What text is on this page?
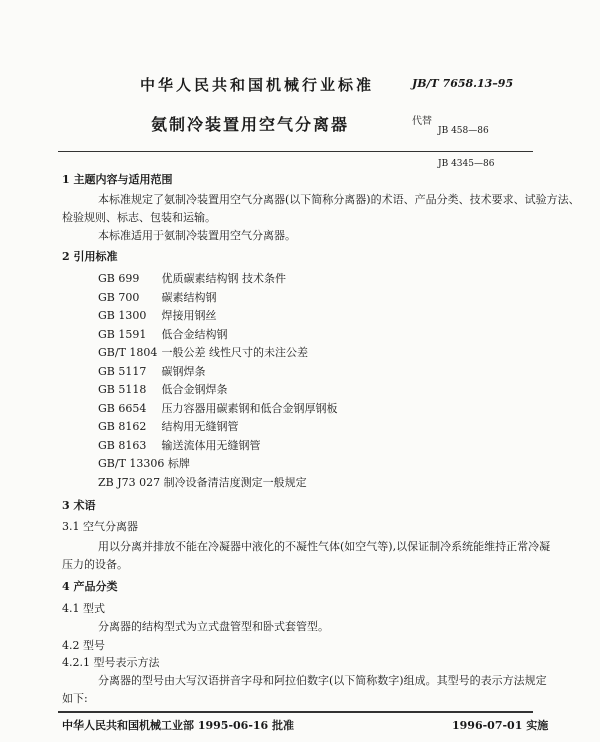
中华人民共和国机械行业标准	JB/T 7658.13–95
氨制冷装置用空气分离器	代替

JB 458—86

JB 4345—86

1 主题内容与适用范围
本标准规定了氨制冷装置用空气分离器(以下简称分离器)的术语、产品分类、技术要求、试验方法、
检验规则、标志、包装和运输。
本标准适用于氨制冷装置用空气分离器。
2 引用标准
GB 699 优质碳素结构钢 技术条件
GB 700 碳素结构钢
GB 1300 焊接用钢丝
GB 1591 低合金结构钢
GB/T 1804 一般公差 线性尺寸的未注公差
GB 5117 碳钢焊条
GB 5118 低合金钢焊条
GB 6654 压力容器用碳素钢和低合金钢厚钢板
GB 8162 结构用无缝钢管
GB 8163 输送流体用无缝钢管
GB/T 13306 标牌
ZB J73 027 制冷设备清洁度测定一般规定
3 术语
3.1 空气分离器
用以分离并排放不能在冷凝器中液化的不凝性气体(如空气等),以保证制冷系统能维持正常冷凝
压力的设备。
4 产品分类
4.1 型式
分离器的结构型式为立式盘管型和卧式套管型。
4.2 型号
4.2.1 型号表示方法
分离器的型号由大写汉语拼音字母和阿拉伯数字(以下简称数字)组成。其型号的表示方法规定
如下:
中华人民共和国机械工业部 1995-06-16 批准	1996-07-01 实施
